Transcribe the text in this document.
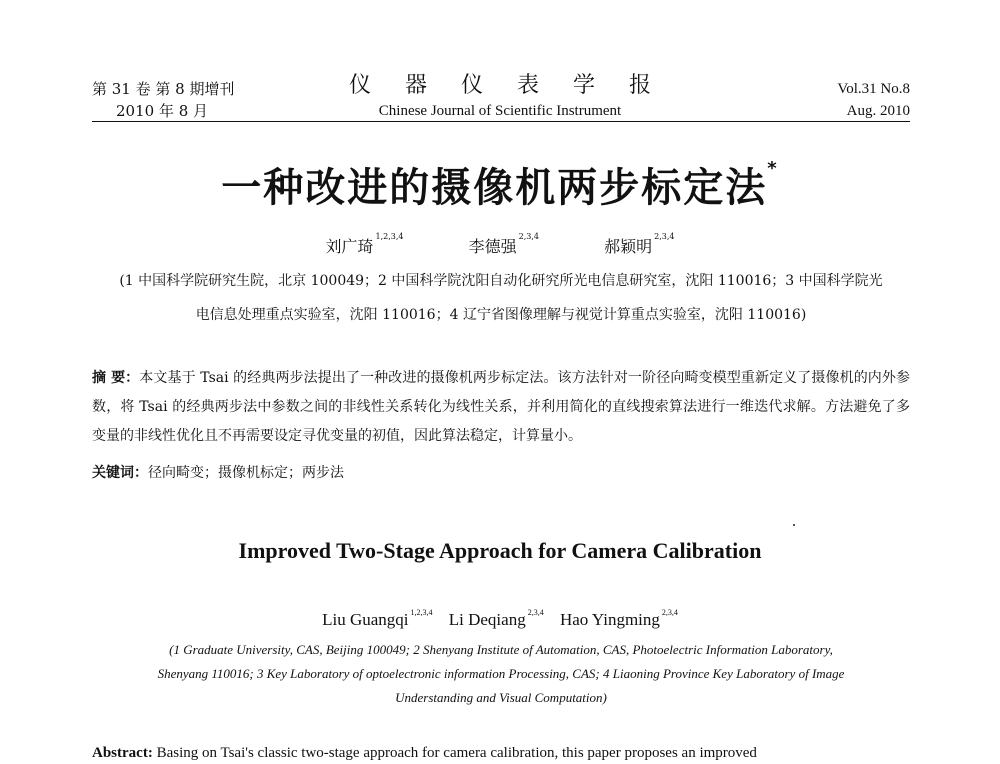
第 31 卷 第 8 期增刊
2010 年 8 月
仪器仪表学报
Chinese Journal of Scientific Instrument
Vol.31 No.8
Aug. 2010
一种改进的摄像机两步标定法*
刘广琦$^{1,2,3,4}$ 李德强$^{2,3,4}$ 郝颖明$^{2,3,4}$
(1 中国科学院研究生院，北京 100049；2 中国科学院沈阳自动化研究所光电信息研究室，沈阳 110016；3 中国科学院光
电信息处理重点实验室，沈阳 110016；4 辽宁省图像理解与视觉计算重点实验室，沈阳 110016)
摘 要：本文基于 Tsai 的经典两步法提出了一种改进的摄像机两步标定法。该方法针对一阶径向畸变模型重新定义了摄像机的内外参数，将 Tsai 的经典两步法中参数之间的非线性关系转化为线性关系，并利用简化的直线搜索算法进行一维迭代求解。方法避免了多变量的非线性优化且不再需要设定寻优变量的初值，因此算法稳定，计算量小。
关键词：径向畸变；摄像机标定；两步法
Improved Two-Stage Approach for Camera Calibration
Liu Guangqi $^{1,2,3,4}$ Li Deqiang $^{2,3,4}$ Hao Yingming $^{2,3,4}$
(1 Graduate University, CAS, Beijing 100049; 2 Shenyang Institute of Automation, CAS, Photoelectric Information Laboratory,
Shenyang 110016; 3 Key Laboratory of optoelectronic information Processing, CAS; 4 Liaoning Province Key Laboratory of Image
Understanding and Visual Computation)
Abstract: Basing on Tsai's classic two-stage approach for camera calibration, this paper proposes an improved
